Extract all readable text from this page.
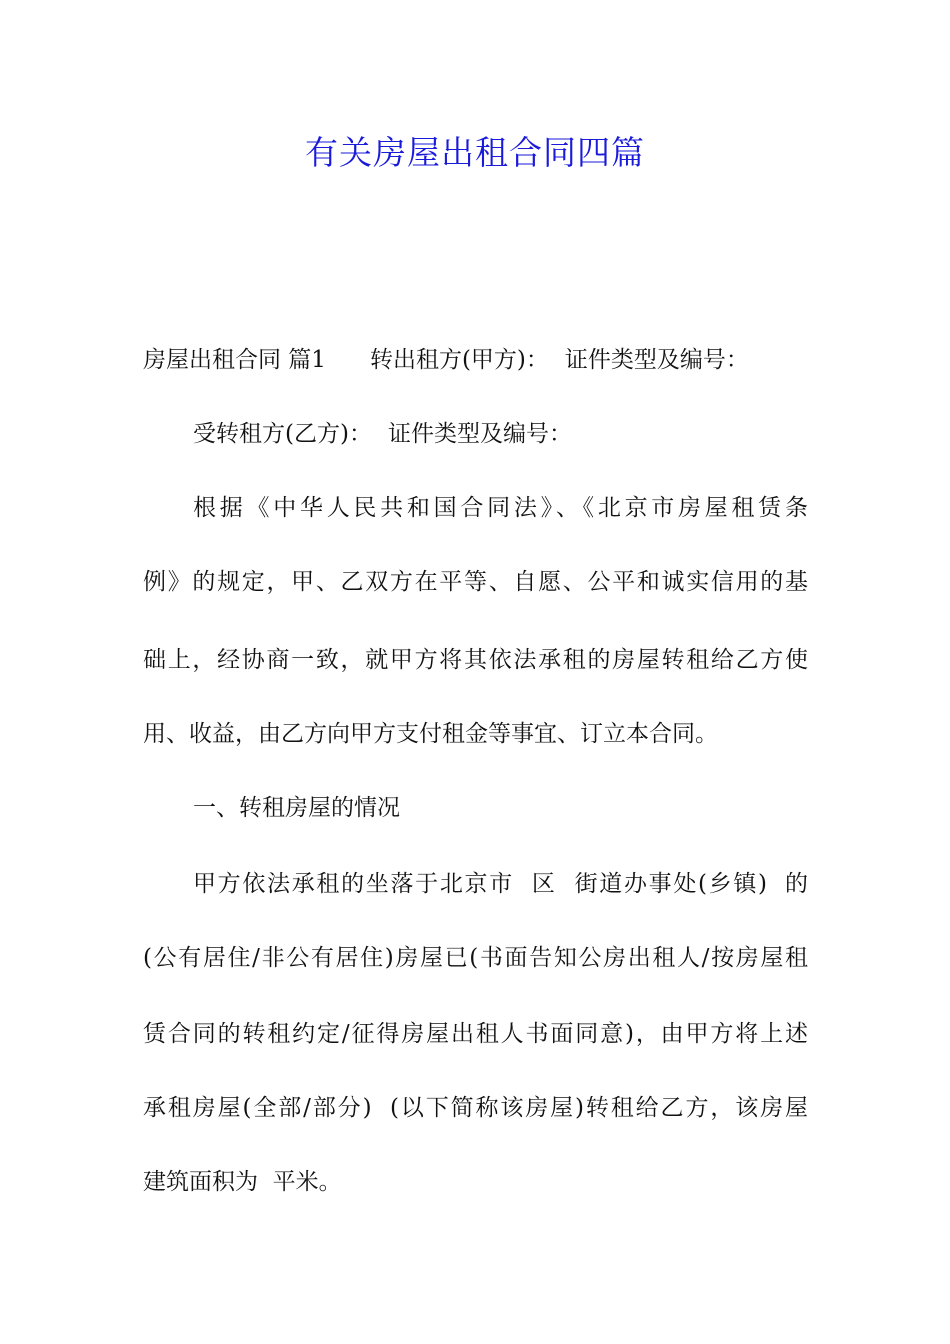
有关房屋出租合同四篇
房屋出租合同 篇1 转出租方(甲方)： 证件类型及编号：
受转租方(乙方)： 证件类型及编号：
根据《中华人民共和国合同法》、《北京市房屋租赁条
例》的规定，甲、乙双方在平等、自愿、公平和诚实信用的基
础上，经协商一致，就甲方将其依法承租的房屋转租给乙方使
用、收益，由乙方向甲方支付租金等事宜、订立本合同。
一、转租房屋的情况
甲方依法承租的坐落于北京市  区  街道办事处(乡镇)  的
(公有居住/非公有居住)房屋已(书面告知公房出租人/按房屋租
赁合同的转租约定/征得房屋出租人书面同意)，由甲方将上述
承租房屋(全部/部分)  (以下简称该房屋)转租给乙方，该房屋
建筑面积为  平米。
